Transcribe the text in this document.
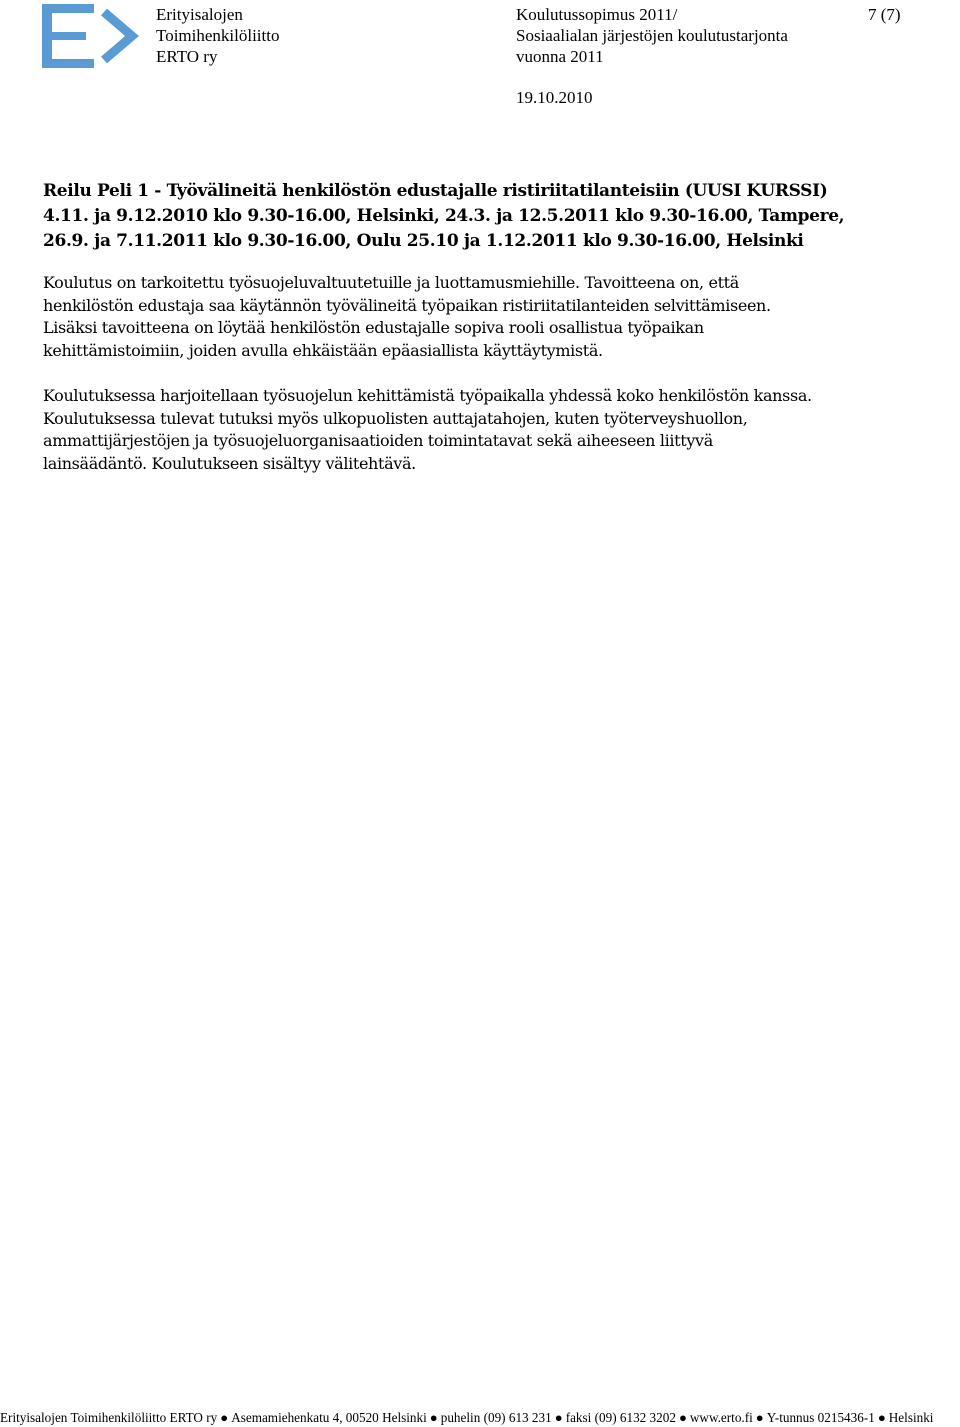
Erityisalojen
Toimihenkilöliitto
ERTO ry
Koulutussopimus 2011/
Sosiaalialan järjestöjen koulutustarjonta
vuonna 2011
7 (7)
19.10.2010
Reilu Peli 1 - Työvälineitä henkilöstön edustajalle ristiriitatilanteisiin (UUSI KURSSI)
4.11. ja 9.12.2010 klo 9.30-16.00, Helsinki, 24.3. ja 12.5.2011 klo 9.30-16.00, Tampere,
26.9. ja 7.11.2011 klo 9.30-16.00, Oulu 25.10 ja 1.12.2011 klo 9.30-16.00, Helsinki
Koulutus on tarkoitettu työsuojeluvaltuutetuille ja luottamusmiehille. Tavoitteena on, että
henkilöstön edustaja saa käytännön työvälineitä työpaikan ristiriitatilanteiden selvittämiseen.
Lisäksi tavoitteena on löytää henkilöstön edustajalle sopiva rooli osallistua työpaikan
kehittämistoimiin, joiden avulla ehkäistään epäasiallista käyttäytymistä.
Koulutuksessa harjoitellaan työsuojelun kehittämistä työpaikalla yhdessä koko henkilöstön kanssa.
Koulutuksessa tulevat tutuksi myös ulkopuolisten auttajatahojen, kuten työterveyshuollon,
ammattijärjestöjen ja työsuojeluorganisaatioiden toimintatavat sekä aiheeseen liittyvä
lainsäädäntö. Koulutukseen sisältyy välitehtävä.
Erityisalojen Toimihenkilöliitto ERTO ry ● Asemamiehenkatu 4, 00520 Helsinki ● puhelin (09) 613 231 ● faksi (09) 6132 3202 ● www.erto.fi ● Y-tunnus 0215436-1 ● Helsinki
